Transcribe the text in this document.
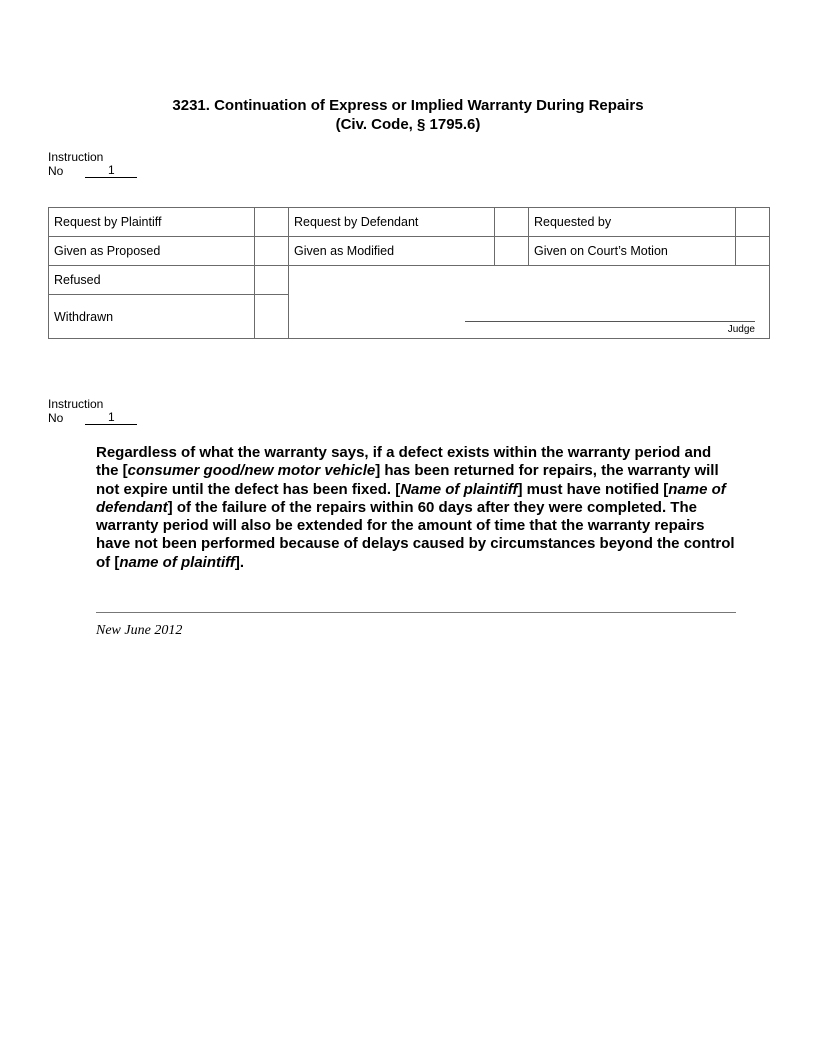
3231. Continuation of Express or Implied Warranty During Repairs
(Civ. Code, § 1795.6)
Instruction
No	1
Request by Plaintiff		Request by Defendant		Requested by	
Given as Proposed		Given as Modified		Given on Court’s Motion	
Refused		Judge			

Withdrawn					
Instruction
No	1
Regardless of what the warranty says, if a defect exists within the warranty period and the [consumer good/new motor vehicle] has been returned for repairs, the warranty will not expire until the defect has been fixed. [Name of plaintiff] must have notified [name of defendant] of the failure of the repairs within 60 days after they were completed. The warranty period will also be extended for the amount of time that the warranty repairs have not been performed because of delays caused by circumstances beyond the control of [name of plaintiff].
New June 2012
